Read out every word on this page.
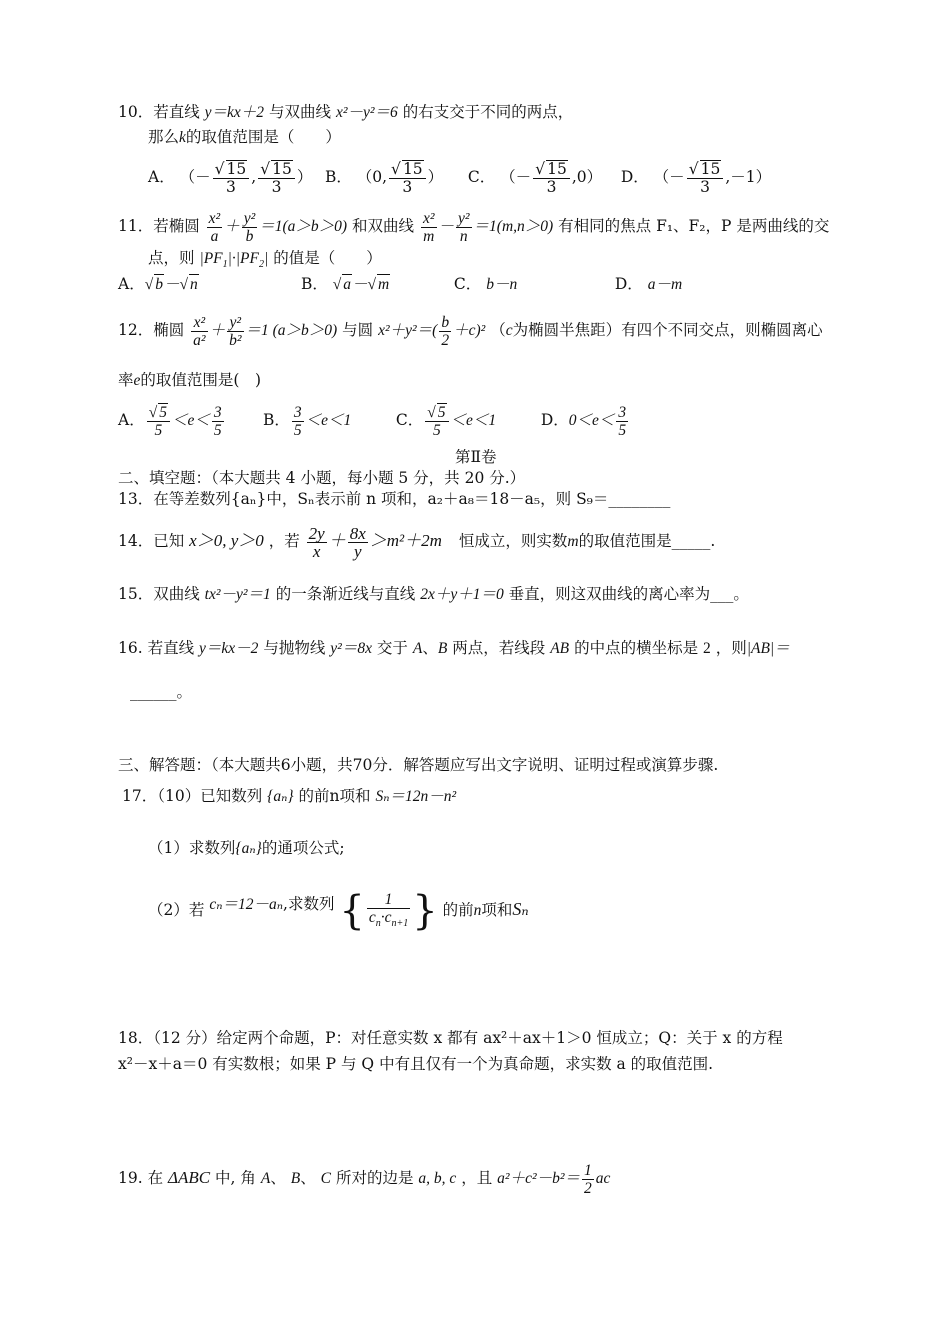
10．若直线 y＝kx＋2 与双曲线 x²－y²＝6 的右支交于不同的两点，
那么k的取值范围是（　　）
A． （－ $\frac{√ 15}{3}$ , $\frac{√ 15}{3}$ ） B． （0, $\frac{√ 15}{3}$ ） C． （－ $\frac{√ 15}{3} ,0$） D． （－ $\frac{√ 15}{3} ,-1$）
11．若椭圆 $\frac{\text{x²}}{a} + \frac{\text{y²}}{b} =1(a>b>0)$ 和双曲线 $\frac{\text{x²}}{m} - \frac{\text{y²}}{n} =1(m,n>0)$ 有相同的焦点 F₁、F₂，P 是两曲线的交
点，则 $|PF_1|\cdot|PF_2|$ 的值是（　　）
A．√ b－√ n	B． √ a－√ m	C． b－n	D． a－m
12．椭圆 $\frac{\text{x²}}{\text{a²}} + \frac{\text{y²}}{\text{b²}} =1$ (a＞b＞0) 与圆 $x^2+y^2=( \frac{b}{2} +c)^2$ （c为椭圆半焦距）有四个不同交点，则椭圆离心
率e的取值范围是(　)
A． $\frac{√ 5}{5} <e< \frac{3}{5}$	B． $\frac{3}{5} <e<1$	C． $\frac{√ 5}{5} <e<1$	D．$0<e< \frac{3}{5}$
第Ⅱ卷
二、填空题：（本大题共 4 小题，每小题 5 分，共 20 分.）
13．在等差数列{aₙ}中，Sₙ表示前 n 项和，a₂＋a₈＝18－a₅，则 S₉＝________
14．已知 x＞0, y＞0 ，若 $\frac{2y}{x} + \frac{8x}{y} >m^2+2m$ 恒成立，则实数m的取值范围是_____.
15．双曲线 tx²－y²＝1 的一条渐近线与直线 2x＋y＋1＝0 垂直，则这双曲线的离心率为___。
16. 若直线 y＝kx－2 与抛物线 y²＝8x 交于 A、B 两点，若线段 AB 的中点的横坐标是 2 ，则|AB|＝
______。
三、解答题：（本大题共6小题，共70分．解答题应写出文字说明、证明过程或演算步骤.
17．（10）已知数列 {aₙ} 的前n项和 Sₙ＝12n－n²
（1）求数列{aₙ}的通项公式;
（2）若 cₙ＝12－aₙ,求数列 { $\frac{1}{c_n\cdot c_{n+1}}$ } 的前n项和Sₙ
18．（12 分）给定两个命题，P：对任意实数 x 都有 ax²＋ax＋1＞0 恒成立；Q：关于 x 的方程
x²－x＋a＝0 有实数根；如果 P 与 Q 中有且仅有一个为真命题，求实数 a 的取值范围.
19. 在 ΔABC 中, 角 A、 B、 C 所对的边是 a, b, c ，且 $a^2+c^2-b^2= \frac{1}{2}$ ac
